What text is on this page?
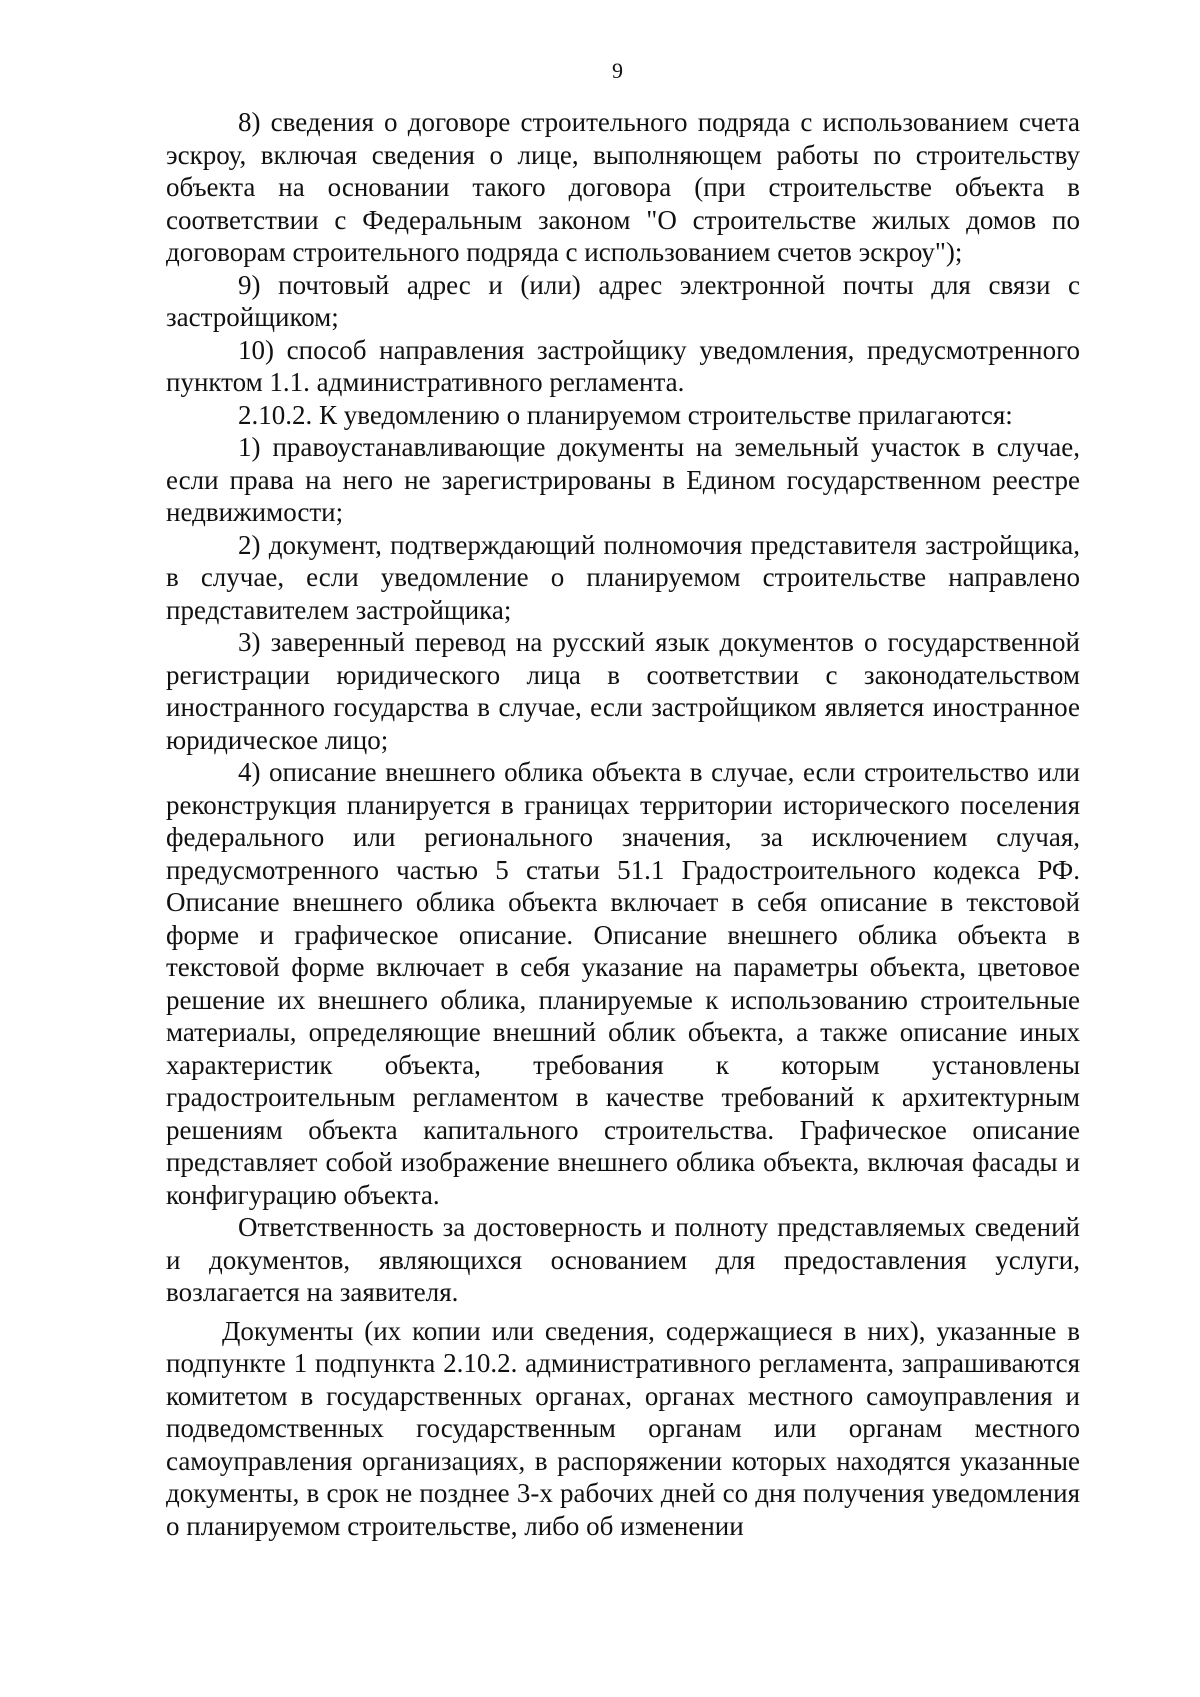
9

8) сведения о договоре строительного подряда с использованием счета эскроу, включая сведения о лице, выполняющем работы по строительству объекта на основании такого договора (при строительстве объекта в соответствии с Федеральным законом "О строительстве жилых домов по договорам строительного подряда с использованием счетов эскроу");

9) почтовый адрес и (или) адрес электронной почты для связи с застройщиком;

10) способ направления застройщику уведомления, предусмотренного пунктом 1.1. административного регламента.

2.10.2. К уведомлению о планируемом строительстве прилагаются:

1) правоустанавливающие документы на земельный участок в случае, если права на него не зарегистрированы в Едином государственном реестре недвижимости;

2) документ, подтверждающий полномочия представителя застройщика, в случае, если уведомление о планируемом строительстве направлено представителем застройщика;

3) заверенный перевод на русский язык документов о государственной регистрации юридического лица в соответствии с законодательством иностранного государства в случае, если застройщиком является иностранное юридическое лицо;

4) описание внешнего облика объекта в случае, если строительство или реконструкция планируется в границах территории исторического поселения федерального или регионального значения, за исключением случая, предусмотренного частью 5 статьи 51.1 Градостроительного кодекса РФ. Описание внешнего облика объекта включает в себя описание в текстовой форме и графическое описание. Описание внешнего облика объекта в текстовой форме включает в себя указание на параметры объекта, цветовое решение их внешнего облика, планируемые к использованию строительные материалы, определяющие внешний облик объекта, а также описание иных характеристик объекта, требования к которым установлены градостроительным регламентом в качестве требований к архитектурным решениям объекта капитального строительства. Графическое описание представляет собой изображение внешнего облика объекта, включая фасады и конфигурацию объекта.

Ответственность за достоверность и полноту представляемых сведений и документов, являющихся основанием для предоставления услуги, возлагается на заявителя.

Документы (их копии или сведения, содержащиеся в них), указанные в подпункте 1 подпункта 2.10.2. административного регламента, запрашиваются комитетом в государственных органах, органах местного самоуправления и подведомственных государственным органам или органам местного самоуправления организациях, в распоряжении которых находятся указанные документы, в срок не позднее 3-х рабочих дней со дня получения уведомления о планируемом строительстве, либо об изменении
